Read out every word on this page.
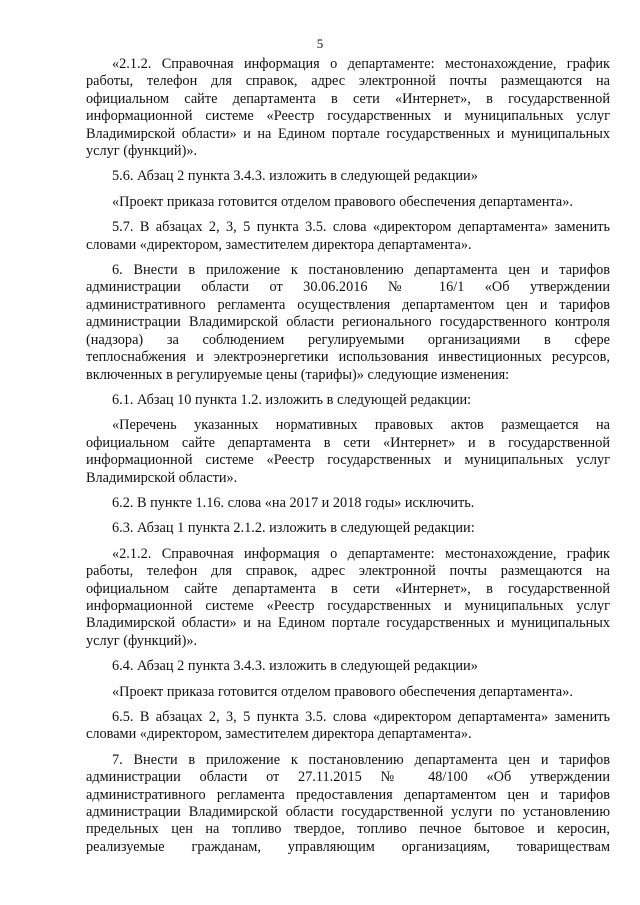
5

«2.1.2. Справочная информация о департаменте: местонахождение, график
работы, телефон для справок, адрес электронной почты размещаются на
официальном сайте департамента в сети «Интернет», в государственной
информационной системе «Реестр государственных и муниципальных услуг
Владимирской области» и на Едином портале государственных и муниципальных
услуг (функций)».

5.6. Абзац 2 пункта 3.4.3. изложить в следующей редакции»

«Проект приказа готовится отделом правового обеспечения департамента».

5.7. В абзацах 2, 3, 5 пункта 3.5. слова «директором департамента» заменить
словами «директором, заместителем директора департамента».

6. Внести в приложение к постановлению департамента цен и тарифов
администрации области от 30.06.2016 № 16/1 «Об утверждении
административного регламента осуществления департаментом цен и тарифов
администрации Владимирской области регионального государственного контроля
(надзора) за соблюдением регулируемыми организациями в сфере
теплоснабжения и электроэнергетики использования инвестиционных ресурсов,
включенных в регулируемые цены (тарифы)» следующие изменения:

6.1. Абзац 10 пункта 1.2. изложить в следующей редакции:

«Перечень указанных нормативных правовых актов размещается на
официальном сайте департамента в сети «Интернет» и в государственной
информационной системе «Реестр государственных и муниципальных услуг
Владимирской области».

6.2. В пункте 1.16. слова «на 2017 и 2018 годы» исключить.

6.3. Абзац 1 пункта 2.1.2. изложить в следующей редакции:

«2.1.2. Справочная информация о департаменте: местонахождение, график
работы, телефон для справок, адрес электронной почты размещаются на
официальном сайте департамента в сети «Интернет», в государственной
информационной системе «Реестр государственных и муниципальных услуг
Владимирской области» и на Едином портале государственных и муниципальных
услуг (функций)».

6.4. Абзац 2 пункта 3.4.3. изложить в следующей редакции»

«Проект приказа готовится отделом правового обеспечения департамента».

6.5. В абзацах 2, 3, 5 пункта 3.5. слова «директором департамента» заменить
словами «директором, заместителем директора департамента».

7. Внести в приложение к постановлению департамента цен и тарифов
администрации области от 27.11.2015 № 48/100 «Об утверждении
административного регламента предоставления департаментом цен и тарифов
администрации Владимирской области государственной услуги по установлению
предельных цен на топливо твердое, топливо печное бытовое и керосин,
реализуемые гражданам, управляющим организациям, товариществам
